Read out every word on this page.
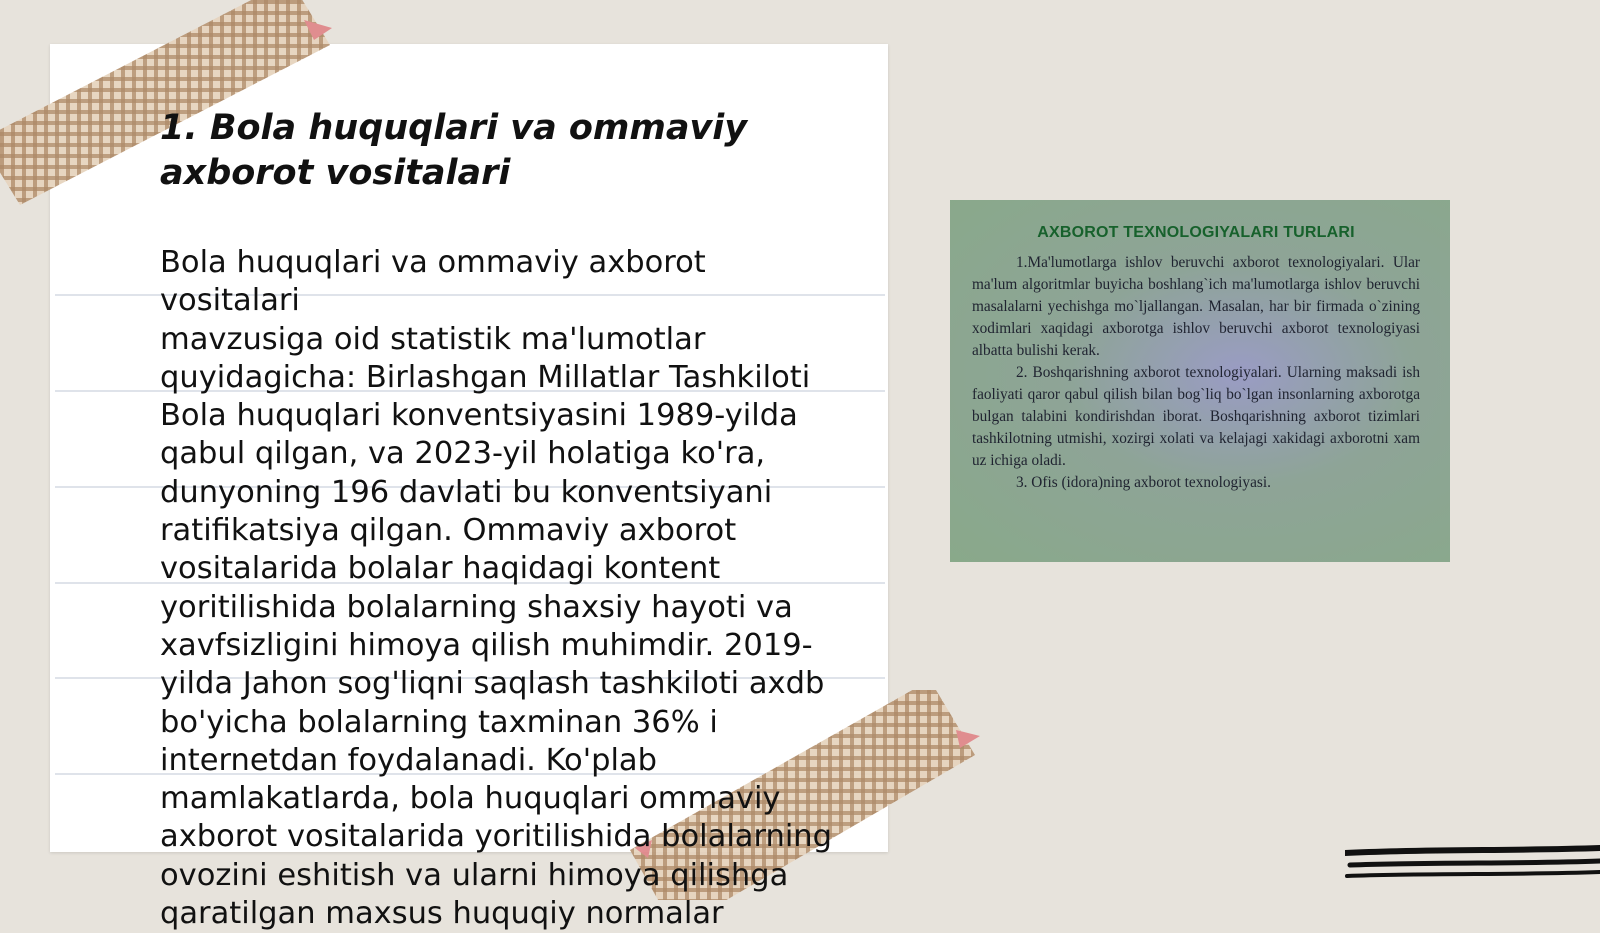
1. Bola huquqlari va ommaviy axborot vositalari

Bola huquqlari va ommaviy axborot vositalari
mavzusiga oid statistik ma'lumotlar
quyidagicha: Birlashgan Millatlar Tashkiloti
Bola huquqlari konventsiyasini 1989-yilda
qabul qilgan, va 2023-yil holatiga ko'ra,
dunyoning 196 davlati bu konventsiyani
ratifikatsiya qilgan. Ommaviy axborot
vositalarida bolalar haqidagi kontent
yoritilishida bolalarning shaxsiy hayoti va
xavfsizligini himoya qilish muhimdir. 2019-
yilda Jahon sog'liqni saqlash tashkiloti axdb
bo'yicha bolalarning taxminan 36% i
internetdan foydalanadi. Ko'plab
mamlakatlarda, bola huquqlari ommaviy
axborot vositalarida yoritilishida bolalarning
ovozini eshitish va ularni himoya qilishga
qaratilgan maxsus huquqiy normalar

AXBOROT TEXNOLOGIYALARI TURLARI

1.Ma'lumotlarga ishlov beruvchi axborot texnologiyalari. Ular ma'lum algoritmlar buyicha boshlang`ich ma'lumotlarga ishlov beruvchi masalalarni yechishga mo`ljallangan. Masalan, har bir firmada o`zining xodimlari xaqidagi axborotga ishlov beruvchi axborot texnologiyasi albatta bulishi kerak.

2. Boshqarishning axborot texnologiyalari. Ularning maksadi ish faoliyati qaror qabul qilish bilan bog`liq bo`lgan insonlarning axborotga bulgan talabini kondirishdan iborat. Boshqarishning axborot tizimlari tashkilotning utmishi, xozirgi xolati va kelajagi xakidagi axborotni xam uz ichiga oladi.

3. Ofis (idora)ning axborot texnologiyasi.
